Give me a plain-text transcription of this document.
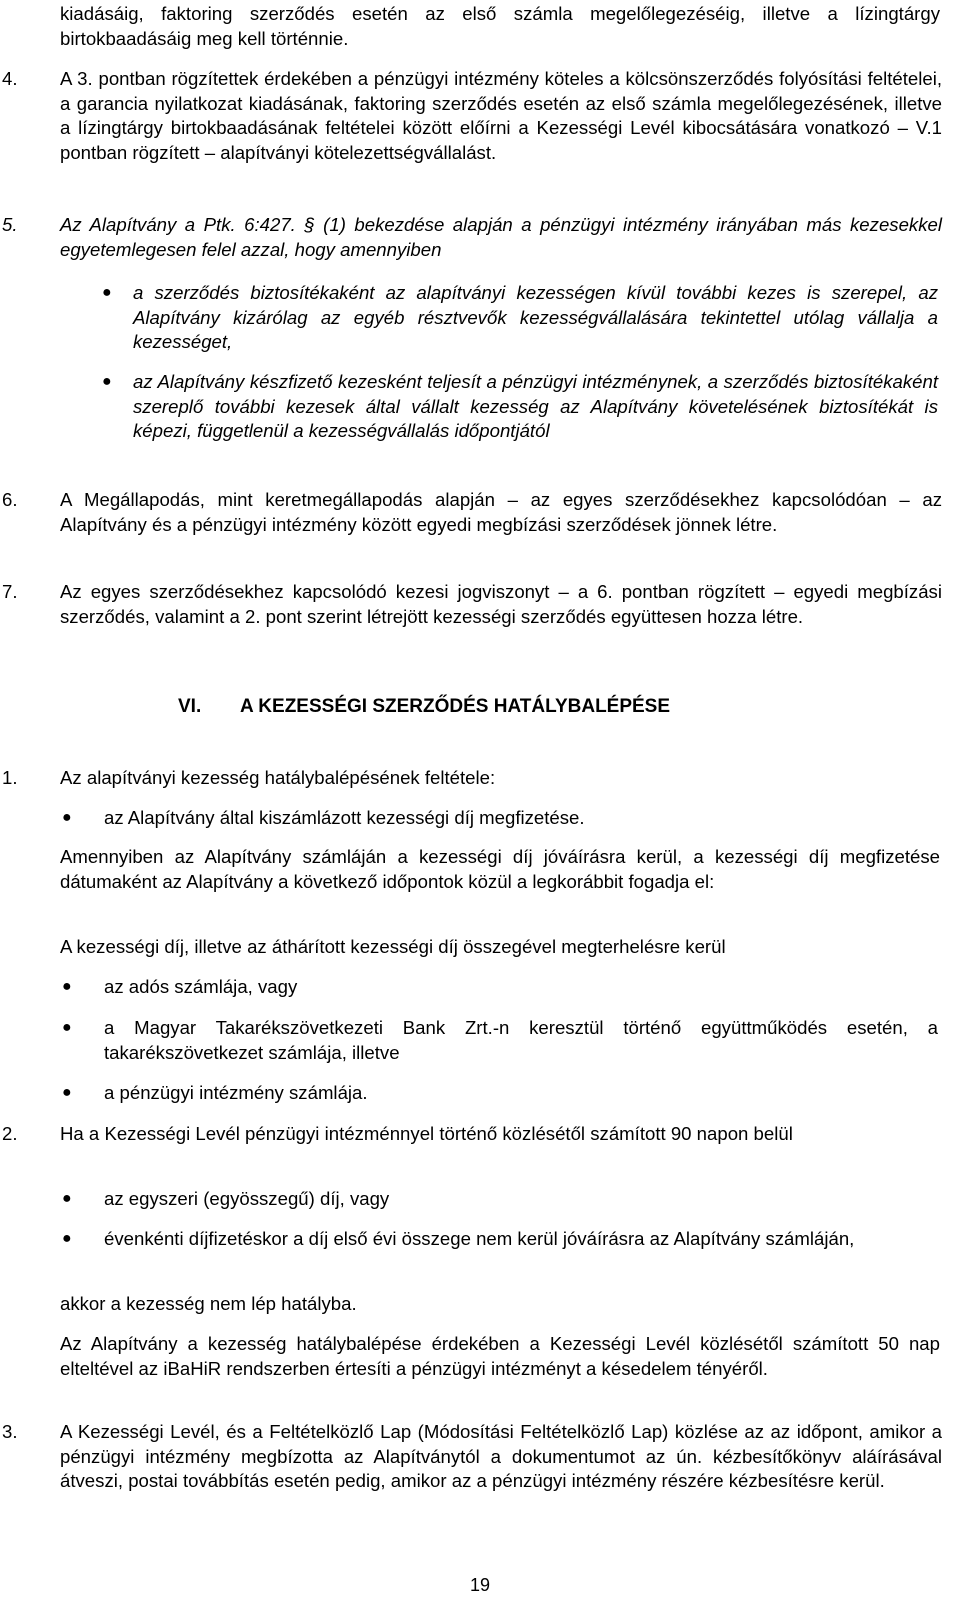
kiadásáig, faktoring szerződés esetén az első számla megelőlegezéséig, illetve a lízingtárgy birtokbaadásáig meg kell történnie.
4. A 3. pontban rögzítettek érdekében a pénzügyi intézmény köteles a kölcsönszerződés folyósítási feltételei, a garancia nyilatkozat kiadásának, faktoring szerződés esetén az első számla megelőlegezésének, illetve a lízingtárgy birtokbaadásának feltételei között előírni a Kezességi Levél kibocsátására vonatkozó – V.1 pontban rögzített – alapítványi kötelezettségvállalást.
5. Az Alapítvány a Ptk. 6:427. § (1) bekezdése alapján a pénzügyi intézmény irányában más kezesekkel egyetemlegesen felel azzal, hogy amennyiben
● a szerződés biztosítékaként az alapítványi kezességen kívül további kezes is szerepel, az Alapítvány kizárólag az egyéb résztvevők kezességvállalására tekintettel utólag vállalja a kezességet,
● az Alapítvány készfizető kezesként teljesít a pénzügyi intézménynek, a szerződés biztosítékaként szereplő további kezesek által vállalt kezesség az Alapítvány követelésének biztosítékát is képezi, függetlenül a kezességvállalás időpontjától
6. A Megállapodás, mint keretmegállapodás alapján – az egyes szerződésekhez kapcsolódóan – az Alapítvány és a pénzügyi intézmény között egyedi megbízási szerződések jönnek létre.
7. Az egyes szerződésekhez kapcsolódó kezesi jogviszonyt – a 6. pontban rögzített – egyedi megbízási szerződés, valamint a 2. pont szerint létrejött kezességi szerződés együttesen hozza létre.
VI. A KEZESSÉGI SZERZŐDÉS HATÁLYBALÉPÉSE
1. Az alapítványi kezesség hatálybalépésének feltétele:
● az Alapítvány által kiszámlázott kezességi díj megfizetése.
Amennyiben az Alapítvány számláján a kezességi díj jóváírásra kerül, a kezességi díj megfizetése dátumaként az Alapítvány a következő időpontok közül a legkorábbit fogadja el:
A kezességi díj, illetve az áthárított kezességi díj összegével megterhelésre kerül
● az adós számlája, vagy
● a Magyar Takarékszövetkezeti Bank Zrt.-n keresztül történő együttműködés esetén, a takarékszövetkezet számlája, illetve
● a pénzügyi intézmény számlája.
2. Ha a Kezességi Levél pénzügyi intézménnyel történő közlésétől számított 90 napon belül
● az egyszeri (egyösszegű) díj, vagy
● évenkénti díjfizetéskor a díj első évi összege nem kerül jóváírásra az Alapítvány számláján,
akkor a kezesség nem lép hatályba.
Az Alapítvány a kezesség hatálybalépése érdekében a Kezességi Levél közlésétől számított 50 nap elteltével az iBaHiR rendszerben értesíti a pénzügyi intézményt a késedelem tényéről.
3. A Kezességi Levél, és a Feltételközlő Lap (Módosítási Feltételközlő Lap) közlése az az időpont, amikor a pénzügyi intézmény megbízotta az Alapítványtól a dokumentumot az ún. kézbesítőkönyv aláírásával átveszi, postai továbbítás esetén pedig, amikor az a pénzügyi intézmény részére kézbesítésre kerül.
19
